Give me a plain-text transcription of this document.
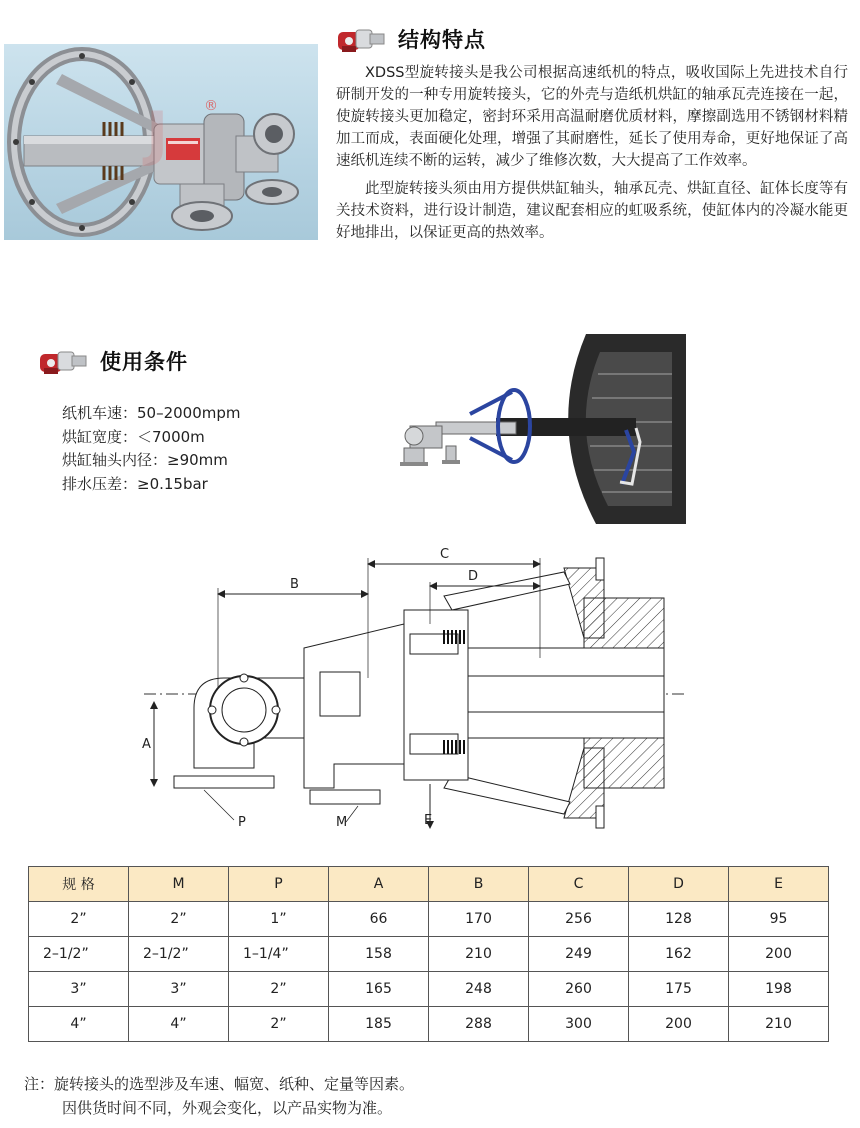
J	®
结构特点

XDSS型旋转接头是我公司根据高速纸机的特点，吸收国际上先进技术自行研制开发的一种专用旋转接头，它的外壳与造纸机烘缸的轴承瓦壳连接在一起，使旋转接头更加稳定，密封环采用高温耐磨优质材料，摩擦副选用不锈钢材料精加工而成，表面硬化处理，增强了其耐磨性，延长了使用寿命，更好地保证了高速纸机连续不断的运转，减少了维修次数，大大提高了工作效率。

此型旋转接头须由用方提供烘缸轴头，轴承瓦壳、烘缸直径、缸体长度等有关技术资料，进行设计制造，建议配套相应的虹吸系统，使缸体内的冷凝水能更好地排出，以保证更高的热效率。

使用条件
纸机车速：50–2000mpm
烘缸宽度：＜7000m
烘缸轴头内径：≥90mm
排水压差：≥0.15bar
A
B
C
D
E
M
P
规 格	M	P	A	B	C	D	E
2”	2”	1”	66	170	256	128	95
2–1/2”	2–1/2”	1–1/4”	158	210	249	162	200
3”	3”	2”	165	248	260	175	198
4”	4”	2”	185	288	300	200	210
注：旋转接头的选型涉及车速、幅宽、纸种、定量等因素。
因供货时间不同，外观会变化，以产品实物为准。
